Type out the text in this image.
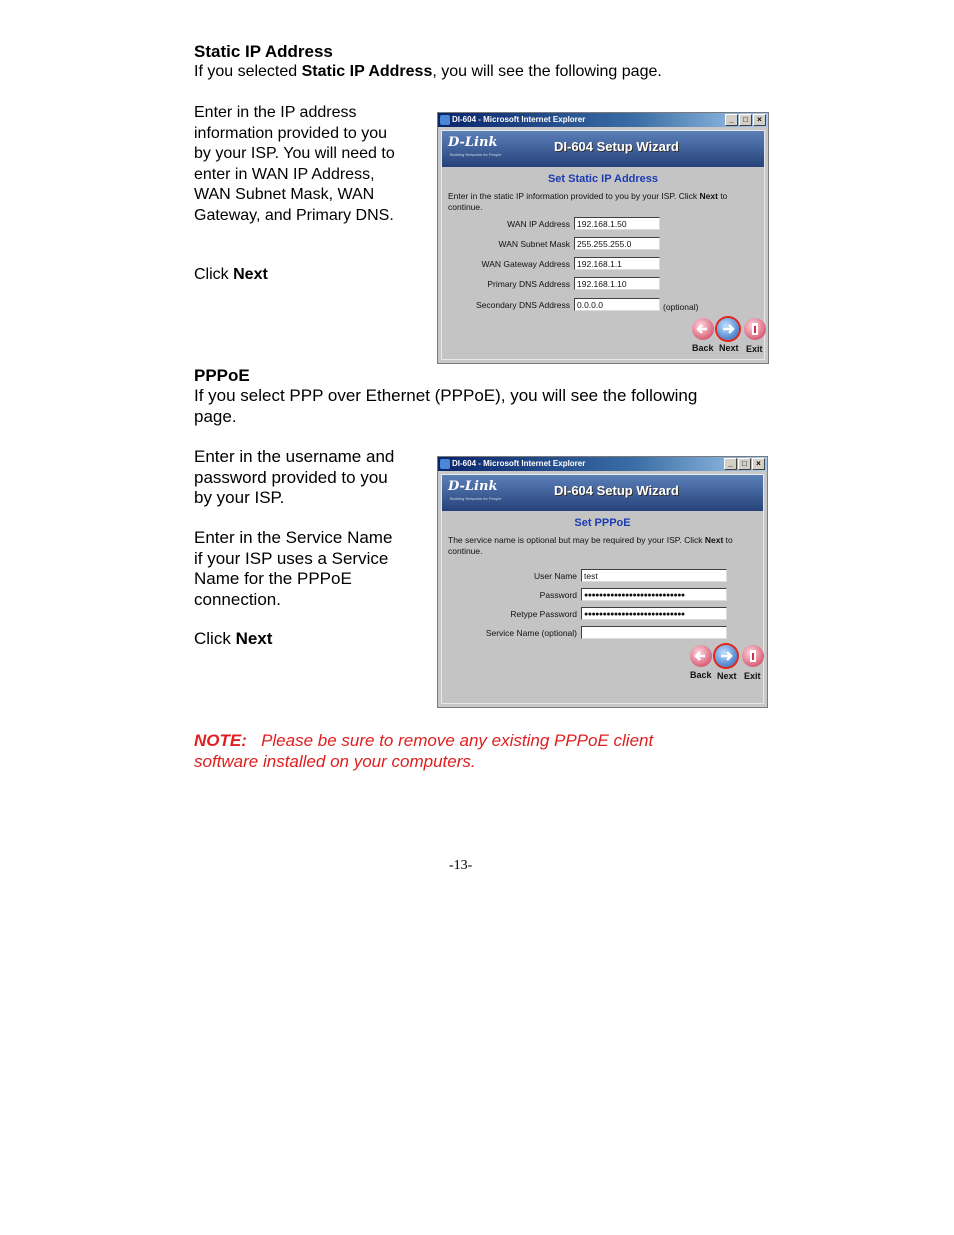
Static IP Address
If you selected Static IP Address, you will see the following page.
Enter in the IP address
information provided to you
by your ISP. You will need to
enter in WAN IP Address,
WAN Subnet Mask, WAN
Gateway, and Primary DNS.
Click Next
DI-604 - Microsoft Internet Explorer	_	□	×
D-Link
Building Networks for People
DI-604 Setup Wizard
Set Static IP Address
Enter in the static IP information provided to you by your ISP. Click Next to continue.
WAN IP Address 192.168.1.50
WAN Subnet Mask 255.255.255.0
WAN Gateway Address 192.168.1.1
Primary DNS Address 192.168.1.10
Secondary DNS Address 0.0.0.0	(optional)
Back Next Exit
PPPoE
If you select PPP over Ethernet (PPPoE), you will see the following
page.
Enter in the username and
password provided to you
by your ISP.
Enter in the Service Name
if your ISP uses a Service
Name for the PPPoE
connection.
Click Next
DI-604 - Microsoft Internet Explorer	_	□	×
D-Link
Building Networks for People
DI-604 Setup Wizard
Set PPPoE
The service name is optional but may be required by your ISP. Click Next to continue.
User Name test
Password	●●●●●●●●●●●●●●●●●●●●●●●●●●●
Retype Password	●●●●●●●●●●●●●●●●●●●●●●●●●●●
Service Name (optional)
Back Next Exit
NOTE: Please be sure to remove any existing PPPoE client
software installed on your computers.
-13-
